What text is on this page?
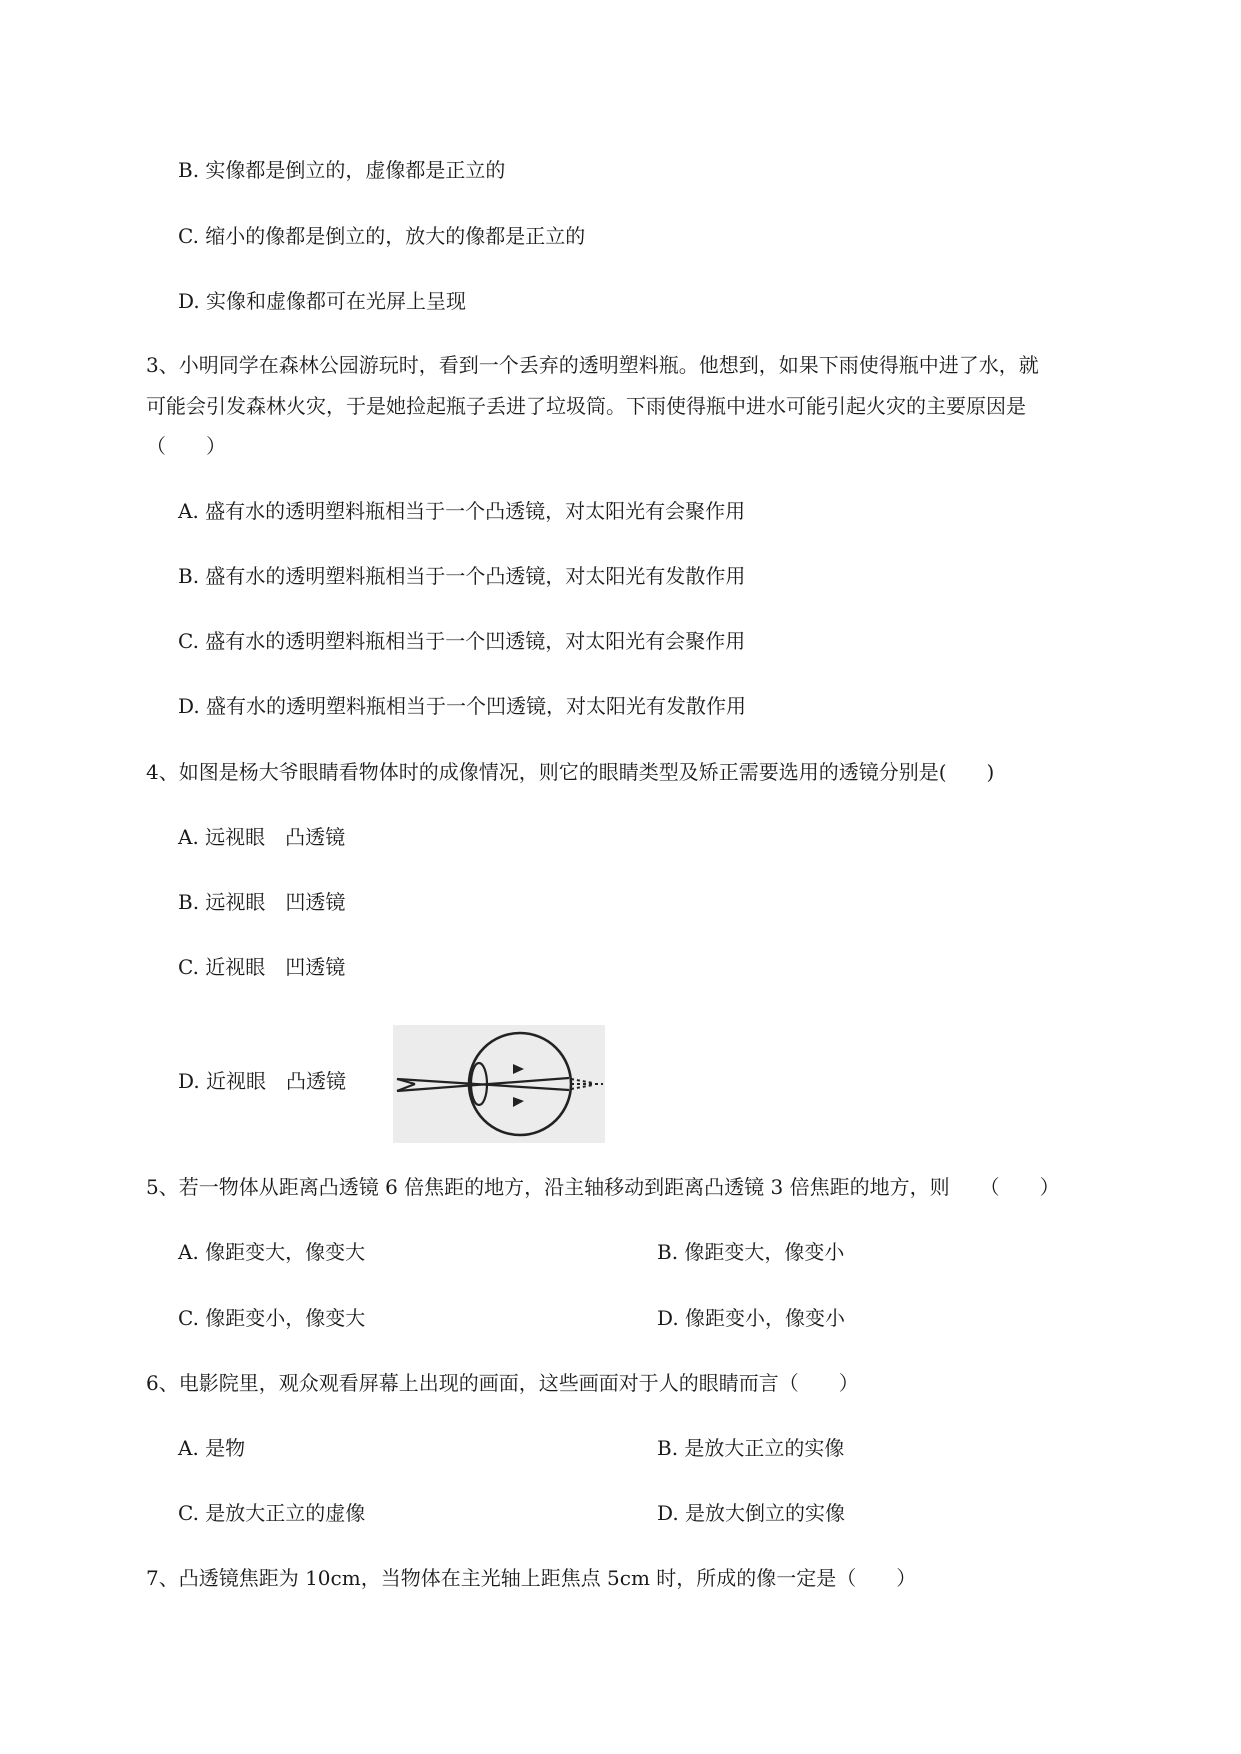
B. 实像都是倒立的，虚像都是正立的
C. 缩小的像都是倒立的，放大的像都是正立的
D. 实像和虚像都可在光屏上呈现
3、小明同学在森林公园游玩时，看到一个丢弃的透明塑料瓶。他想到，如果下雨使得瓶中进了水，就
可能会引发森林火灾，于是她捡起瓶子丢进了垃圾筒。下雨使得瓶中进水可能引起火灾的主要原因是
（　　）
A. 盛有水的透明塑料瓶相当于一个凸透镜，对太阳光有会聚作用
B. 盛有水的透明塑料瓶相当于一个凸透镜，对太阳光有发散作用
C. 盛有水的透明塑料瓶相当于一个凹透镜，对太阳光有会聚作用
D. 盛有水的透明塑料瓶相当于一个凹透镜，对太阳光有发散作用
4、如图是杨大爷眼睛看物体时的成像情况，则它的眼睛类型及矫正需要选用的透镜分别是(　　)
A. 远视眼　凸透镜
B. 远视眼　凹透镜
C. 近视眼　凹透镜
D. 近视眼　凸透镜
5、若一物体从距离凸透镜 6 倍焦距的地方，沿主轴移动到距离凸透镜 3 倍焦距的地方，则　　（　　）
A. 像距变大，像变大	B. 像距变大，像变小
C. 像距变小，像变大	D. 像距变小，像变小
6、电影院里，观众观看屏幕上出现的画面，这些画面对于人的眼睛而言（　　）
A. 是物	B. 是放大正立的实像
C. 是放大正立的虚像	D. 是放大倒立的实像
7、凸透镜焦距为 10cm，当物体在主光轴上距焦点 5cm 时，所成的像一定是（　　）
